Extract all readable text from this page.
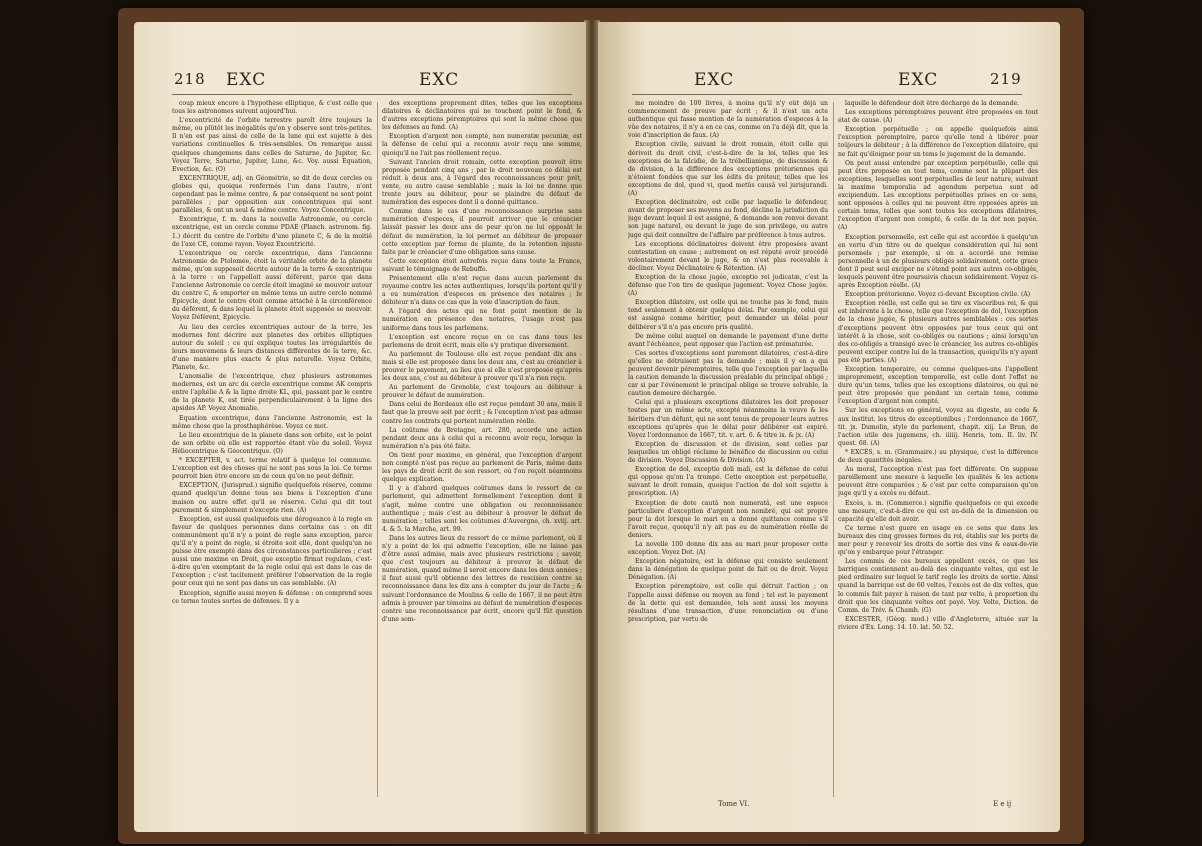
218 EXC	EXC

coup mieux encore à l'hypothèse elliptique, & c'est celle que tous les astronomes suivent aujourd'hui.

L'excentricité de l'orbite terrestre paroît être toujours la même, ou plûtôt les inégalités qu'on y observe sont très-petites. Il n'en est pas ainsi de celle de la lune qui est sujette à des variations continuelles & très-sensibles. On remarque aussi quelques changemens dans celles de Saturne, de Jupiter, &c. Voyez Terre, Saturne, Jupiter, Lune, &c. Voy. aussi Equation, Evection, &c. (O)

EXCENTRIQUE, adj. en Géométrie, se dit de deux cercles ou globes qui, quoique renfermés l'un dans l'autre, n'ont cependant pas le même centre, & par conséquent ne sont point parallèles ; par opposition aux concentriques qui sont parallèles, & ont un seul & même centre. Voyez Concentrique.

Excentrique, f. m. dans la nouvelle Astronomie, ou cercle excentrique, est un cercle comme PDAE (Planch. astronom. fig. 1.) décrit du centre de l'orbite d'une planete C, & de la moitié de l'axe CE, comme rayon. Voyez Excentricité.

L'excentrique ou cercle excentrique, dans l'ancienne Astronomie de Ptolomée, étoit la véritable orbite de la planete même, qu'on supposoit décrite autour de la terre & excentrique à la terre : on l'appelloit aussi déférent, parce que dans l'ancienne Astronomie ce cercle étoit imaginé se mouvoir autour du centre C, & emporter en même tems un autre cercle nommé Epicycle, dont le centre étoit comme attaché à la circonférence du déférent, & dans lequel la planete étoit supposée se mouvoir. Voyez Déférent, Epicycle.

Au lieu des cercles excentriques autour de la terre, les modernes font décrire aux planetes des orbites elliptiques autour du soleil : ce qui explique toutes les irrégularités de leurs mouvemens & leurs distances différentes de la terre, &c. d'une maniere plus exacte & plus naturelle. Voyez Orbite, Planete, &c.

L'anomalie de l'excentrique, chez plusieurs astronomes modernes, est un arc du cercle excentrique comme AK compris entre l'aphélie A & la ligne droite KL, qui, passant par le centre de la planete K, est tirée perpendiculairement à la ligne des apsides AP. Voyez Anomalie.

Equation excentrique, dans l'ancienne Astronomie, est la même chose que la prosthaphérèse. Voyez ce mot.

Le lieu excentrique de la planete dans son orbite, est le point de son orbite où elle est rapportée étant vûe du soleil. Voyez Héliocentrique & Géocentrique. (O)

* EXCEPTER, v. act. terme relatif à quelque loi commune. L'exception est des choses qui ne sont pas sous la loi. Ce terme pourroit bien être encore un de ceux qu'on ne peut définir.

EXCEPTION, (Jurisprud.) signifie quelquefois réserve, comme quand quelqu'un donne tous ses biens à l'exception d'une maison ou autre effet qu'il se réserve. Celui qui dit tout purement & simplement n'excepte rien. (A)

Exception, est aussi quelquefois une dérogeance à la regle en faveur de quelques personnes dans certains cas : on dit communément qu'il n'y a point de regle sans exception, parce qu'il n'y a point de regle, si étroite soit elle, dont quelqu'un ne puisse être exempté dans des circonstances particulieres ; c'est aussi une maxime en Droit, que exceptio firmat regulam, c'est-à-dire qu'en exemptant de la regle celui qui est dans le cas de l'exception ; c'est tacitement préférer l'observation de la regle pour ceux qui ne sont pas dans un cas semblable. (A)

Exception, signifie aussi moyen & défense : on comprend sous ce terme toutes sortes de défenses. Il y a

des exceptions proprement dites, telles que les exceptions dilatoires & déclinatoires qui ne touchent point le fond, & d'autres exceptions péremptoires qui sont la même chose que les défenses au fond. (A)

Exception d'argent non compté, non numeratæ pecuniæ, est la défense de celui qui a reconnu avoir reçu une somme, quoiqu'il ne l'ait pas réellement reçue.

Suivant l'ancien droit romain, cette exception pouvoit être proposée pendant cinq ans ; par le droit nouveau ce délai est réduit à deux ans, à l'égard des reconnoissances pour prêt, vente, ou autre cause semblable ; mais la loi ne donne que trente jours au débiteur, pour se plaindre du défaut de numération des especes dont il a donné quittance.

Comme dans le cas d'une reconnoissance surprise sans numération d'especes, il pourroit arriver que le créancier laissât passer les deux ans de peur qu'on ne lui opposât le défaut de numération, la loi permet au débiteur de proposer cette exception par forme de plainte, de la retention injuste faite par le créancier d'une obligation sans cause.

Cette exception étoit autrefois reçue dans toute la France, suivant le témoignage de Rebuffe.

Présentement elle n'est reçue dans aucun parlement du royaume contre les actes authentiques, lorsqu'ils portent qu'il y a eu numération d'especes en présence des notaires ; le débiteur n'a dans ce cas que la voie d'inscription de faux.

A l'égard des actes qui ne font point mention de la numération en présence des notaires, l'usage n'est pas uniforme dans tous les parlemens.

L'exception est encore reçue en ce cas dans tous les parlemens de droit écrit, mais elle s'y pratique diversement.

Au parlement de Toulouse elle est reçue pendant dix ans : mais si elle est proposée dans les deux ans, c'est au créancier à prouver le payement, au lieu que si elle n'est proposée qu'après les deux ans, c'est au débiteur à prouver qu'il n'a rien reçu.

Au parlement de Grenoble, c'est toujours au débiteur à prouver le défaut de numération.

Dans celui de Bordeaux elle est reçue pendant 30 ans, mais il faut que la preuve soit par écrit ; & l'exception n'est pas admise contre les contrats qui portent numération réelle.

La coûtume de Bretagne, art. 280, accorde une action pendant deux ans à celui qui a reconnu avoir reçu, lorsque la numération n'a pas été faite.

On tient pour maxime, en général, que l'exception d'argent non compté n'est pas reçue au parlement de Paris, même dans les pays de droit écrit de son ressort, où l'on reçoit néanmoins quelque explication.

Il y a d'abord quelques coûtumes dans le ressort de ce parlement, qui admettent formellement l'exception dont il s'agit, même contre une obligation ou reconnoissance authentique ; mais c'est au débiteur à prouver le défaut de numération ; telles sont les coûtumes d'Auvergne, ch. xviij. art. 4. & 5. la Marche, art. 99.

Dans les autres lieux du ressort de ce même parlement, où il n'y a point de loi qui admette l'exception, elle ne laisse pas d'être aussi admise, mais avec plusieurs restrictions ; savoir, que c'est toujours au débiteur à prouver le défaut de numération, quand même il seroit encore dans les deux années ; il faut aussi qu'il obtienne des lettres de rescision contre sa reconnoissance dans les dix ans à compter du jour de l'acte ; & suivant l'ordonnance de Moulins & celle de 1667, il ne peut être admis à prouver par témoins au défaut de numération d'especes contre une reconnoissance par écrit, encore qu'il fût question d'une som-

EXC	EXC	219

me moindre de 100 livres, à moins qu'il n'y eût déjà un commencement de preuve par écrit ; & il n'est un acte authentique qui fasse mention de la numération d'especes à la vûe des notaires, il n'y a en ce cas, comme on l'a déjà dit, que la voie d'inscription de faux. (A)

Exception civile, suivant le droit romain, étoit celle qui dérivoit du droit civil, c'est-à-dire de la loi, telles que les exceptions de la falcidie, de la trébellianique, de discussion & de division, à la différence des exceptions prétoriennes qui n'étoient fondées que sur les édits du préteur, telles que les exceptions de dol, quod vi, quod metûs causâ vel jurisjurandi. (A)

Exception déclinatoire, est celle par laquelle le défendeur, avant de proposer ses moyens au fond, décline la jurisdiction du juge devant lequel il est assigné, & demande son renvoi devant son juge naturel, ou devant le juge de son privilege, ou autre juge qui doit connoître de l'affaire par préférence à tous autres.

Les exceptions déclinatoires doivent être proposées avant contestation en cause ; autrement on est réputé avoir procédé volontairement devant le juge, & on n'est plus recevable à décliner. Voyez Déclinatoire & Rétention. (A)

Exception de la chose jugée, exceptio rei judicatæ, c'est la défense que l'on tire de quelque jugement. Voyez Chose jugée. (A)

Exception dilatoire, est celle qui ne touche pas le fond, mais tend seulement à obtenir quelque délai. Par exemple, celui qui est assigné comme héritier, peut demander un délai pour délibérer s'il n'a pas encore pris qualité.

De même celui auquel on demande le payement d'une dette avant l'échéance, peut opposer que l'action est prématurée.

Ces sortes d'exceptions sont purement dilatoires, c'est-à-dire qu'elles ne détruisent pas la demande ; mais il y en a qui peuvent devenir péremptoires, telle que l'exception par laquelle la caution demande la discussion préalable du principal obligé ; car si par l'événement le principal oblige se trouve solvable, la caution demeure déchargée.

Celui qui a plusieurs exceptions dilatoires les doit proposer toutes par un même acte, excepté néanmoins la veuve & les héritiers d'un défunt, qui ne sont tenus de proposer leurs autres exceptions qu'après que le délai pour délibérer est expiré. Voyez l'ordonnance de 1667, tit. v. art. 6. & titre ix. & jx. (A)

Exception de discussion et de division, sont celles par lesquelles un obligé réclame le bénéfice de discussion ou celui de division. Voyez Discussion & Division. (A)

Exception de dol, exceptio doli mali, est la défense de celui qui oppose qu'on l'a trompé. Cette exception est perpétuelle, suivant le droit romain, quoique l'action de dol soit sujette à prescription. (A)

Exception de dote cautâ non numeratâ, est une espece particuliere d'exception d'argent non nombré, qui est propre pour la dot lorsque le mari en a donné quittance comme s'il l'avoit reçue, quoiqu'il n'y ait pas eu de numération réelle de deniers.

La novelle 100 donne dix ans au mari pour proposer cette exception. Voyez Dot. (A)

Exception négatoire, est la défense qui consiste seulement dans la dénégation de quelque point de fait ou de droit. Voyez Dénégation. (A)

Exception péremptoire, est celle qui détruit l'action ; on l'appelle aussi défense ou moyen au fond ; tel est le payement de la dette qui est demandée, tels sont aussi les moyens résultans d'une transaction, d'une renonciation ou d'une prescription, par vertu de

laquelle le défendeur doit être déchargé de la demande.

Les exceptions péremptoires peuvent être proposées en tout état de cause. (A)

Exception perpétuelle ; on appelle quelquefois ainsi l'exception péremptoire, parce qu'elle tend à libérer pour toûjours le débiteur ; à la différence de l'exception dilatoire, qui ne fait qu'éloigner pour un tems le jugement de la demande.

On peut aussi entendre par exception perpétuelle, celle qui peut être proposée en tout tems, comme sont la plûpart des exceptions, lesquelles sont perpétuelles de leur nature, suivant la maxime temporalia ad agendum perpetua sunt ad excipiendum. Les exceptions perpétuelles prises en ce sens, sont opposées à celles qui ne peuvent être opposées après un certain tems, telles que sont toutes les exceptions dilatoires, l'exception d'argent non compté, & celle de la dot non payée. (A)

Exception personnelle, est celle qui est accordée à quelqu'un en vertu d'un titre ou de quelque considération qui lui sont personnels ; par exemple, si on a accordé une remise personnelle à un de plusieurs obligés solidairement, cette grace dont il peut seul exciper ne s'étend point aux autres co-obligés, lesquels peuvent être poursuivis chacun solidairement. Voyez ci-après Exception réelle. (A)

Exception prétorienne. Voyez ci-devant Exception civile. (A)

Exception réelle, est celle qui se tire ex visceribus rei, & qui est inhérente à la chose, telle que l'exception de dol, l'exception de la chose jugée, & plusieurs autres semblables : ces sortes d'exceptions peuvent être opposées par tous ceux qui ont intérêt à la chose, soit co-obligés ou cautions ; ainsi lorsqu'un des co-obligés a transigé avec le créancier, les autres co-obligés peuvent exciper contre lui de la transaction, quoiqu'ils n'y ayent pas été parties. (A)

Exception temporaire, ou comme quelques-uns l'appellent improprement, exception temporelle, est celle dont l'effet ne dure qu'un tems, telles que les exceptions dilatoires, ou qui ne peut être proposée que pendant un certain tems, comme l'exception d'argent non compté.

Sur les exceptions en général, voyez au digeste, au code & aux institut. les titres de exceptionibus ; l'ordonnance de 1667, tit. jx. Dumolin, style du parlement, chapit. xiij. Le Brun, de l'action utile des jugemens, ch. iiiiij. Henris, tom. II. liv. IV. quest. 68. (A)

* EXCÈS, s. m. (Grammaire.) au physique, c'est la différence de deux quantités inégales.

Au moral, l'acception n'est pas fort différente. On suppose pareillement une mesure à laquelle les qualités & les actions peuvent être comparées ; & c'est par cette comparaison qu'on juge qu'il y a excès ou défaut.

Excès, s. m. (Commerce.) signifie quelquefois ce qui excede une mesure, c'est-à-dire ce qui est au-delà de la dimension ou capacité qu'elle doit avoir.

Ce terme n'est guere en usage en ce sens que dans les bureaux des cinq grosses fermes du roi, établis sur les ports de mer pour y recevoir les droits de sortie des vins & eaux-de-vie qu'on y embarque pour l'étranger.

Les commis de ces bureaux appellent excès, ce que les barriques contiennent au-delà des cinquante veltes, qui est le pied ordinaire sur lequel le tarif regle les droits de sortie. Ainsi quand la barrique est de 60 veltes, l'excès est de dix veltes, que le commis fait payer à raison de tant par velte, à proportion du droit que les cinquante veltes ont payé. Voy. Velte, Diction. de Comm. de Trév. & Chamb. (G)

EXCESTER, (Géog. mod.) ville d'Angleterre, située sur la riviere d'Ex. Long. 14. 10. lat. 50. 52.

Tome VI.	E e ij
